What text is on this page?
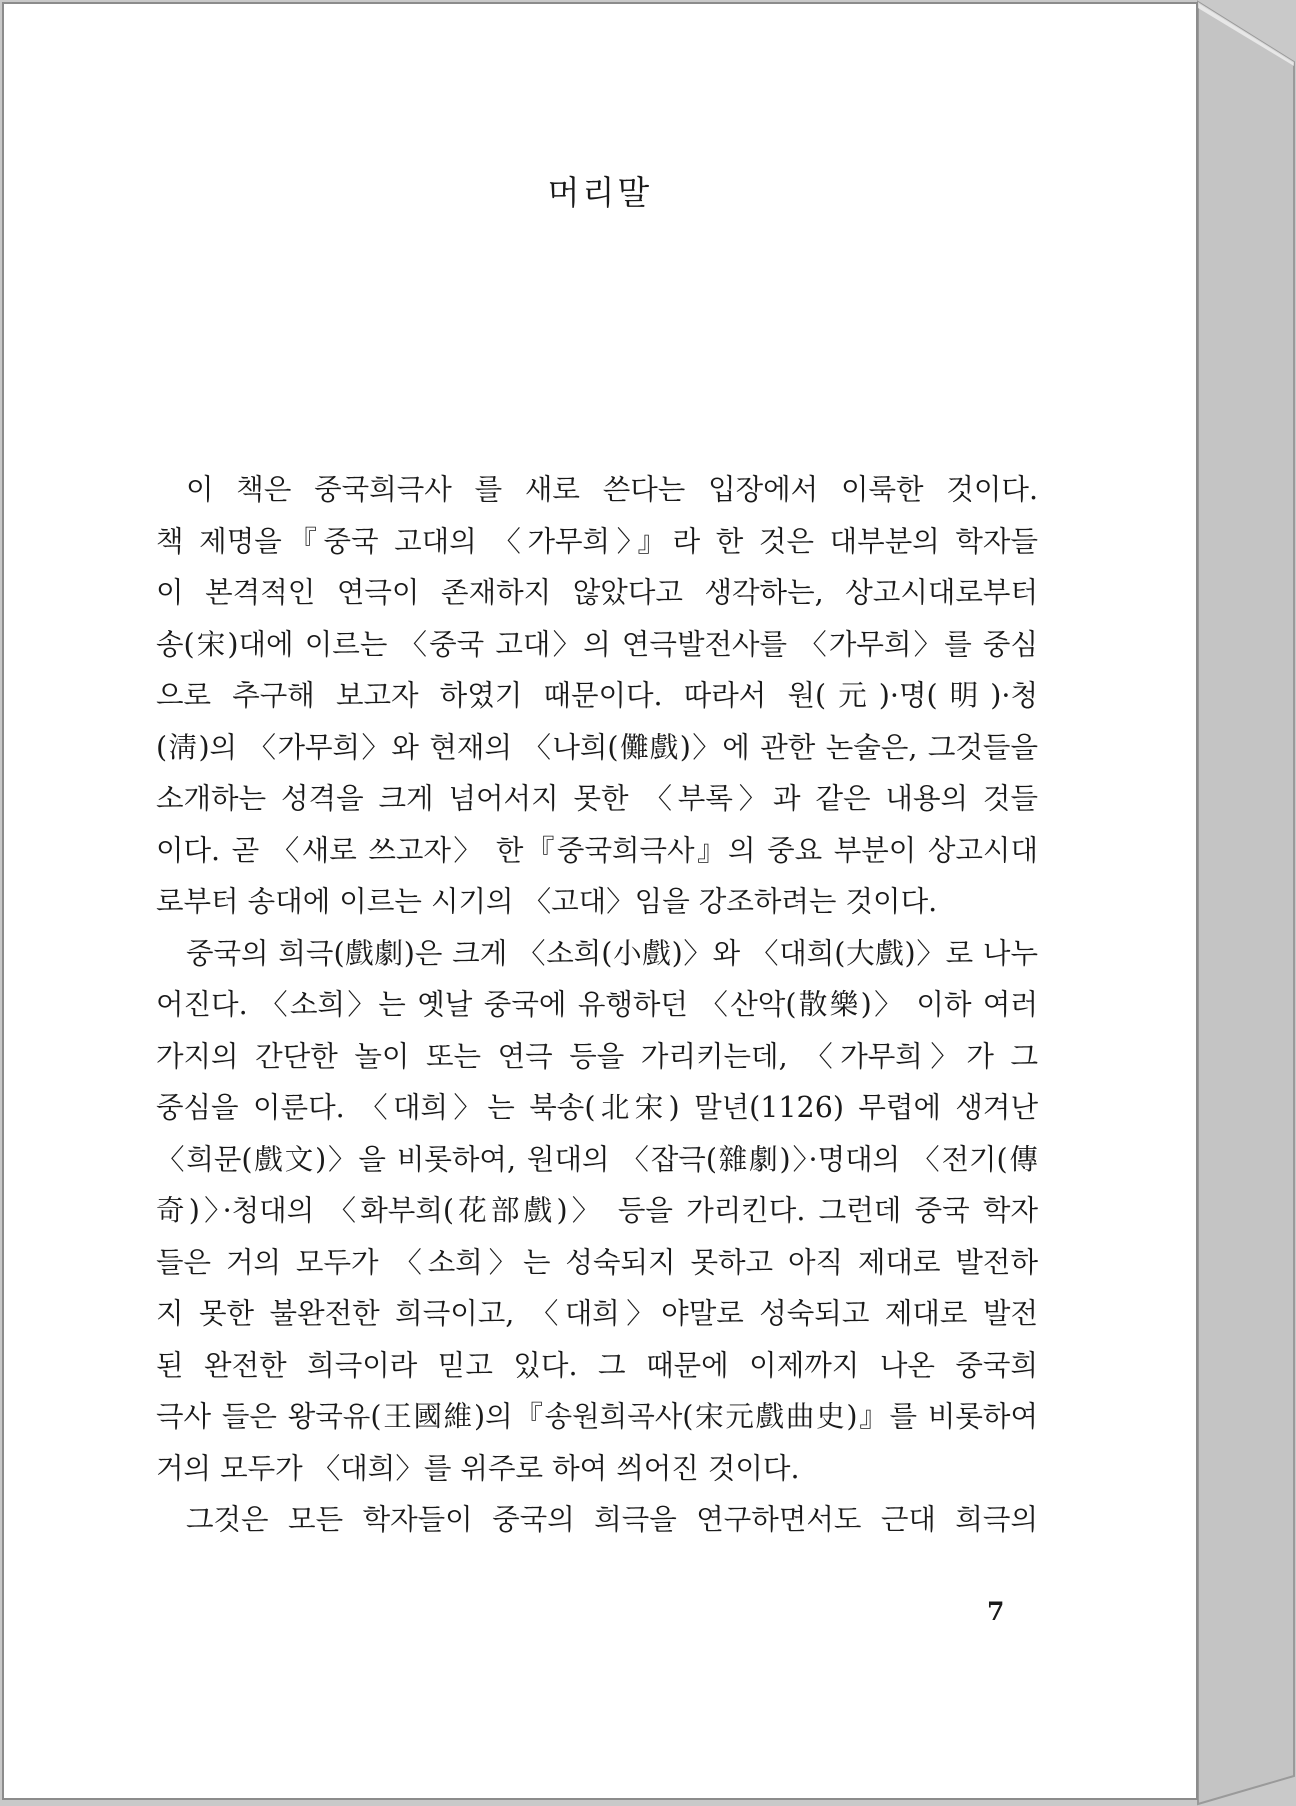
머리말
이 책은 중국희극사 를 새로 쓴다는 입장에서 이룩한 것이다.
책 제명을『중국 고대의 〈가무희〉』라 한 것은 대부분의 학자들
이 본격적인 연극이 존재하지 않았다고 생각하는, 상고시대로부터
송(宋)대에 이르는 〈중국 고대〉의 연극발전사를 〈가무희〉를 중심
으로 추구해 보고자 하였기 때문이다. 따라서 원(元)·명(明)·청
(淸)의 〈가무희〉와 현재의 〈나희(儺戲)〉에 관한 논술은, 그것들을
소개하는 성격을 크게 넘어서지 못한 〈부록〉과 같은 내용의 것들
이다. 곧 〈새로 쓰고자〉 한『중국희극사』의 중요 부분이 상고시대
로부터 송대에 이르는 시기의 〈고대〉임을 강조하려는 것이다.
중국의 희극(戲劇)은 크게 〈소희(小戲)〉와 〈대희(大戲)〉로 나누
어진다. 〈소희〉는 옛날 중국에 유행하던 〈산악(散樂)〉 이하 여러
가지의 간단한 놀이 또는 연극 등을 가리키는데, 〈가무희〉가 그
중심을 이룬다. 〈대희〉는 북송(北宋) 말년(1126) 무렵에 생겨난
〈희문(戲文)〉을 비롯하여, 원대의 〈잡극(雜劇)〉·명대의 〈전기(傳
奇)〉·청대의 〈화부희(花部戲)〉 등을 가리킨다. 그런데 중국 학자
들은 거의 모두가 〈소희〉는 성숙되지 못하고 아직 제대로 발전하
지 못한 불완전한 희극이고, 〈대희〉야말로 성숙되고 제대로 발전
된 완전한 희극이라 믿고 있다. 그 때문에 이제까지 나온 중국희
극사 들은 왕국유(王國維)의『송원희곡사(宋元戲曲史)』를 비롯하여
거의 모두가 〈대희〉를 위주로 하여 씌어진 것이다.
그것은 모든 학자들이 중국의 희극을 연구하면서도 근대 희극의
7
